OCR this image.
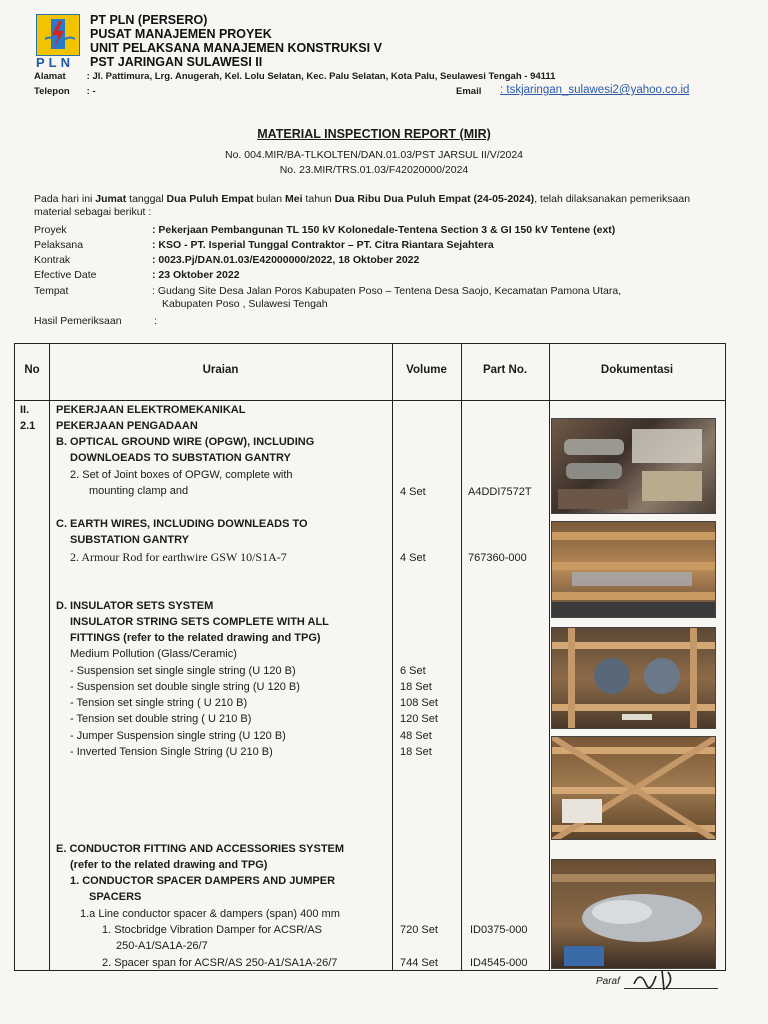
PLN
PT PLN (PERSERO)
PUSAT MANAJEMEN PROYEK
UNIT PELAKSANA MANAJEMEN KONSTRUKSI V
PST JARINGAN SULAWESI II
Alamat : Jl. Pattimura, Lrg. Anugerah, Kel. Lolu Selatan, Kec. Palu Selatan, Kota Palu, Seulawesi Tengah - 94111
Telepon : -	Email : tskjaringan_sulawesi2@yahoo.co.id
MATERIAL INSPECTION REPORT (MIR)
No. 004.MIR/BA-TLKOLTEN/DAN.01.03/PST JARSUL II/V/2024
No. 23.MIR/TRS.01.03/F42020000/2024
Pada hari ini Jumat tanggal Dua Puluh Empat bulan Mei tahun Dua Ribu Dua Puluh Empat (24-05-2024), telah dilaksanakan pemeriksaan material sebagai berikut :
Proyek	: Pekerjaan Pembangunan TL 150 kV Kolonedale-Tentena Section 3 & GI 150 kV Tentene (ext)
Pelaksana	: KSO - PT. Isperial Tunggal Contraktor – PT. Citra Riantara Sejahtera
Kontrak	: 0023.Pj/DAN.01.03/E42000000/2022, 18 Oktober 2022
Efective Date	: 23 Oktober 2022
Tempat	: Gudang Site Desa Jalan Poros Kabupaten Poso – Tentena Desa Saojo, Kecamatan Pamona Utara,
Kabupaten Poso , Sulawesi Tengah
Hasil Pemeriksaan	:
No	Uraian	Volume	Part No.	Dokumentasi
II.
2.1
PEKERJAAN ELEKTROMEKANIKAL
PEKERJAAN PENGADAAN
B. OPTICAL GROUND WIRE (OPGW), INCLUDING
DOWNLOEADS TO SUBSTATION GANTRY
2. Set of Joint boxes of OPGW, complete with
mounting clamp and	4 Set	A4DDI7572T
C. EARTH WIRES, INCLUDING DOWNLEADS TO
SUBSTATION GANTRY
2. Armour Rod for earthwire GSW 10/S1A-7	4 Set	767360-000
D. INSULATOR SETS SYSTEM
INSULATOR STRING SETS COMPLETE WITH ALL
FITTINGS (refer to the related drawing and TPG)
Medium Pollution (Glass/Ceramic)
- Suspension set single single string (U 120 B)	6 Set
- Suspension set double single string (U 120 B)	18 Set
- Tension set single string ( U 210 B)	108 Set
- Tension set double string ( U 210 B)	120 Set
- Jumper Suspension single string (U 120 B)	48 Set
- Inverted Tension Single String (U 210 B)	18 Set
E. CONDUCTOR FITTING AND ACCESSORIES SYSTEM
(refer to the related drawing and TPG)
1. CONDUCTOR SPACER DAMPERS AND JUMPER
SPACERS
1.a Line conductor spacer & dampers (span) 400 mm
1. Stocbridge Vibration Damper for ACSR/AS
250-A1/SA1A-26/7
720 Set	ID0375-000
2. Spacer span for ACSR/AS 250-A1/SA1A-26/7	744 Set	ID4545-000
Paraf
